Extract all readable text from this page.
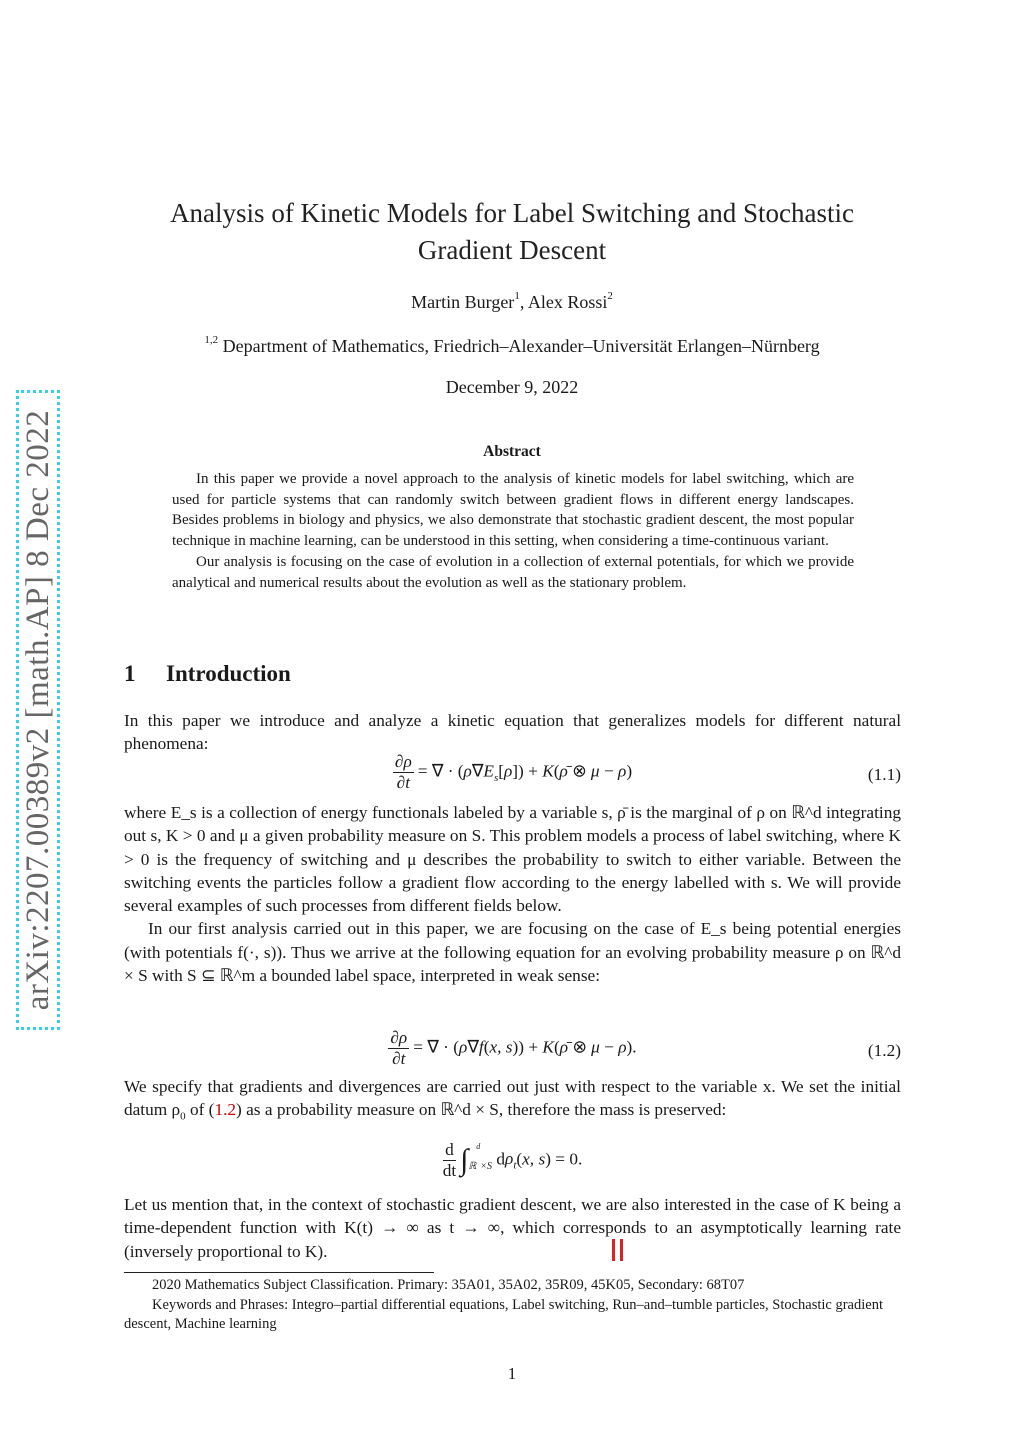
arXiv:2207.00389v2 [math.AP] 8 Dec 2022
Analysis of Kinetic Models for Label Switching and Stochastic
Gradient Descent
Martin Burger$^1$, Alex Rossi$^2$
$^{1,2}$ Department of Mathematics, Friedrich–Alexander–Universität Erlangen–Nürnberg
December 9, 2022
Abstract

In this paper we provide a novel approach to the analysis of kinetic models for label switching, which are used for particle systems that can randomly switch between gradient flows in different energy landscapes. Besides problems in biology and physics, we also demonstrate that stochastic gradient descent, the most popular technique in machine learning, can be understood in this setting, when considering a time-continuous variant.

Our analysis is focusing on the case of evolution in a collection of external potentials, for which we provide analytical and numerical results about the evolution as well as the stationary problem.

1 Introduction

In this paper we introduce and analyze a kinetic equation that generalizes models for different natural phenomena:

$\frac{\partial\rho}{\partial t}$ = ∇ · $(\rho\nabla E_s[\rho])$ + K(ρ̄ ⊗ μ − ρ)	(1.1)

where E_s is a collection of energy functionals labeled by a variable s, ρ̄ is the marginal of ρ on ℝ^d integrating out s, K > 0 and μ a given probability measure on S. This problem models a process of label switching, where K > 0 is the frequency of switching and μ describes the probability to switch to either variable. Between the switching events the particles follow a gradient flow according to the energy labelled with s. We will provide several examples of such processes from different fields below.

In our first analysis carried out in this paper, we are focusing on the case of E_s being potential energies (with potentials f(·, s)). Thus we arrive at the following equation for an evolving probability measure ρ on ℝ^d × S with S ⊆ ℝ^m a bounded label space, interpreted in weak sense:

$\frac{\partial\rho}{\partial t}$ = ∇ · (ρ∇f(x, s)) + K(ρ̄ ⊗ μ − ρ).	(1.2)

We specify that gradients and divergences are carried out just with respect to the variable x. We set the initial datum $\rho_0$ of (1.2) as a probability measure on ℝ^d × S, therefore the mass is preserved:

$\frac{d}{dt} \int_{ℝ^d\times S}$ $d\rho_t(x$, s) = 0.

Let us mention that, in the context of stochastic gradient descent, we are also interested in the case of K being a time-dependent function with K(t) → ∞ as t → ∞, which corresponds to an asymptotically learning rate (inversely proportional to K).

2020 Mathematics Subject Classification. Primary: 35A01, 35A02, 35R09, 45K05, Secondary: 68T07

Keywords and Phrases: Integro–partial differential equations, Label switching, Run–and–tumble particles, Stochastic gradient descent, Machine learning

1
